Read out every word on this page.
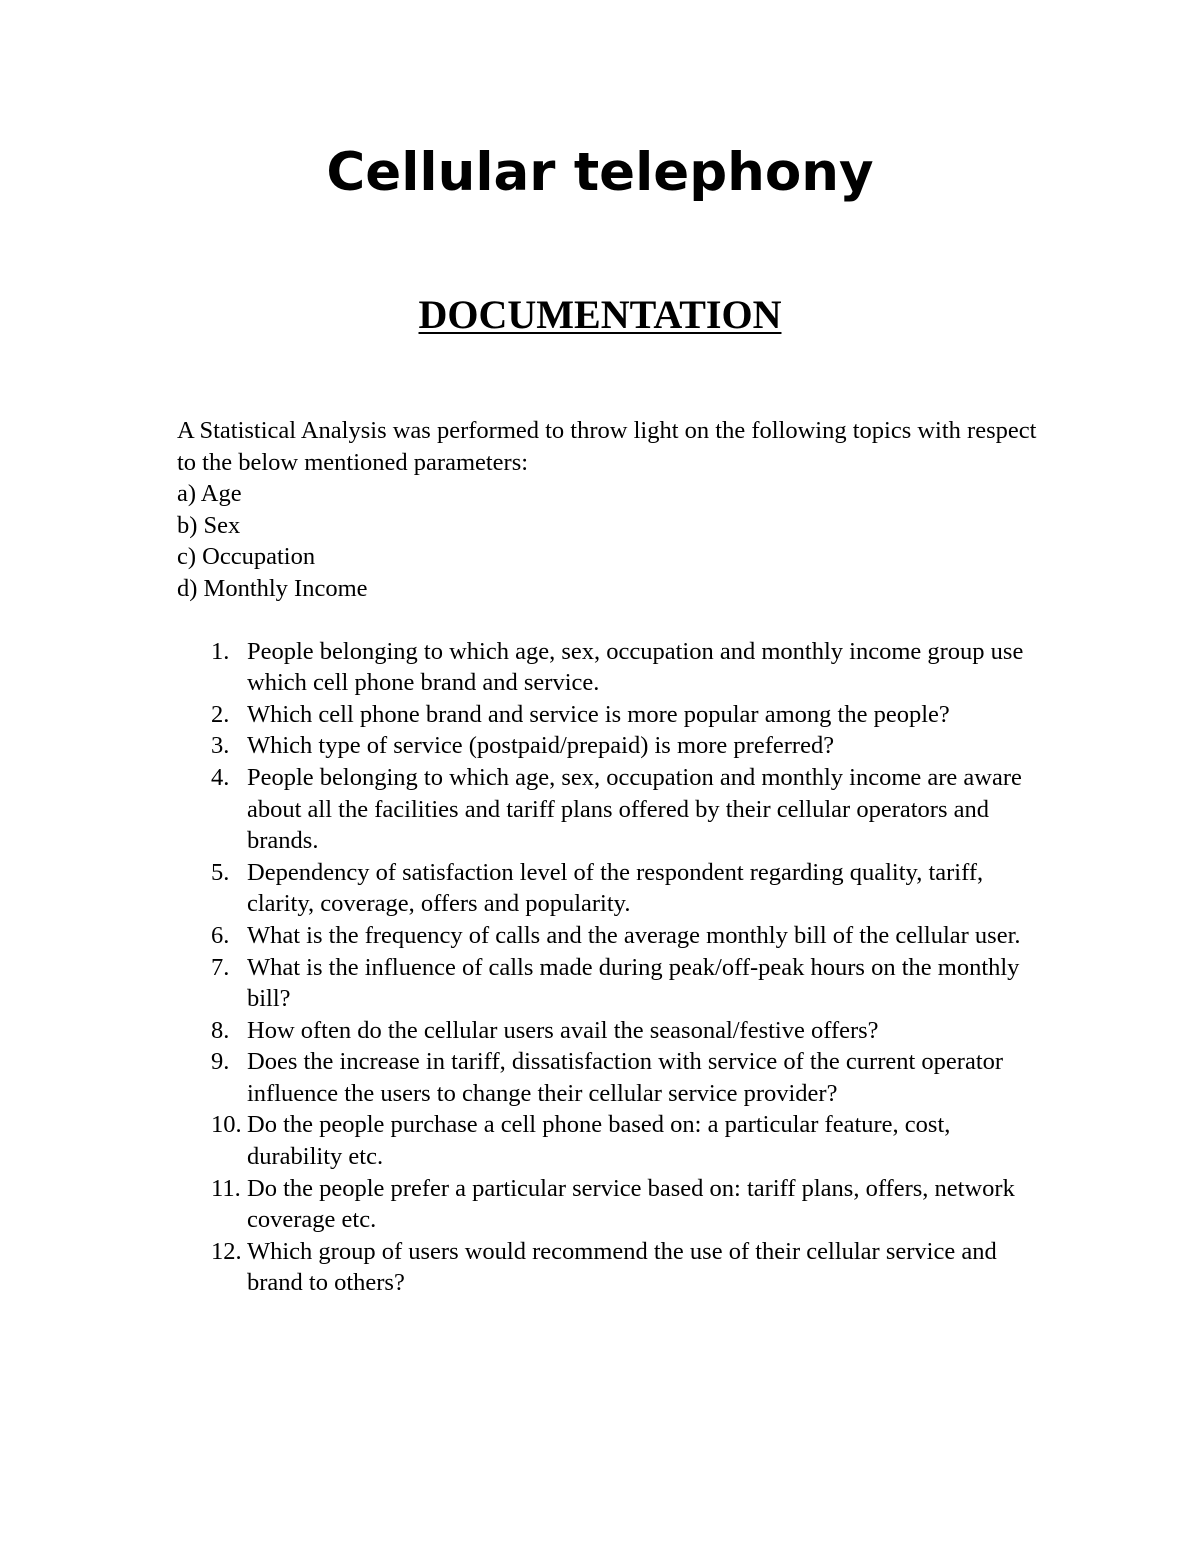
Cellular telephony
DOCUMENTATION

A Statistical Analysis was performed to throw light on the following topics with respect to the below mentioned parameters:

a) Age
b) Sex
c) Occupation
d) Monthly Income
1. People belonging to which age, sex, occupation and monthly income group use which cell phone brand and service.
2. Which cell phone brand and service is more popular among the people?
3. Which type of service (postpaid/prepaid) is more preferred?
4. People belonging to which age, sex, occupation and monthly income are aware about all the facilities and tariff plans offered by their cellular operators and brands.
5. Dependency of satisfaction level of the respondent regarding quality, tariff, clarity, coverage, offers and popularity.
6. What is the frequency of calls and the average monthly bill of the cellular user.
7. What is the influence of calls made during peak/off-peak hours on the monthly bill?
8. How often do the cellular users avail the seasonal/festive offers?
9. Does the increase in tariff, dissatisfaction with service of the current operator influence the users to change their cellular service provider?
10. Do the people purchase a cell phone based on: a particular feature, cost, durability etc.
11. Do the people prefer a particular service based on: tariff plans, offers, network coverage etc.
12. Which group of users would recommend the use of their cellular service and brand to others?
